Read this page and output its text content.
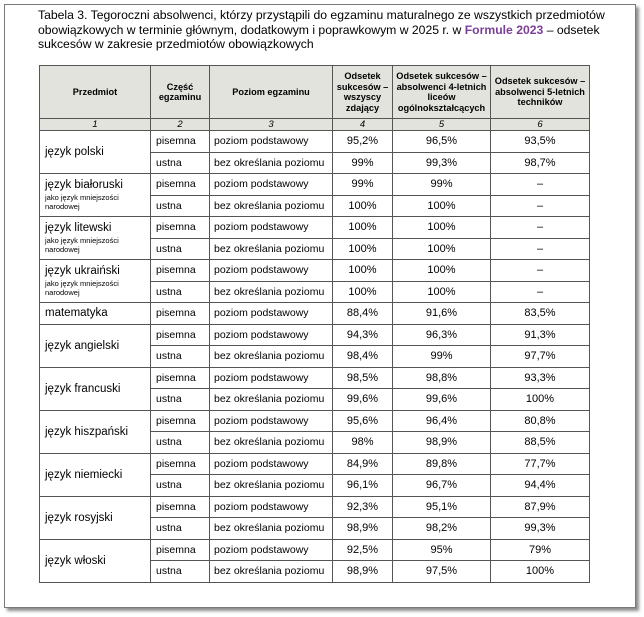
Tabela 3. Tegoroczni absolwenci, którzy przystąpili do egzaminu maturalnego ze wszystkich przedmiotów obowiązkowych w terminie głównym, dodatkowym i poprawkowym w 2025 r. w Formule 2023 – odsetek sukcesów w zakresie przedmiotów obowiązkowych
Przedmiot	Część egzaminu	Poziom egzaminu	Odsetek sukcesów – wszyscy zdający	Odsetek sukcesów – absolwenci 4-letnich liceów ogólnokształcących	Odsetek sukcesów – absolwenci 5-letnich techników
1	2	3	4	5	6

język polski	pisemna	poziom podstawowy	95,2%	96,5%	93,5%
	ustna	bez określania poziomu	99%	99,3%	98,7%

język białoruski
jako język mniejszości narodowej	pisemna	poziom podstawowy	99%	99%	–
	ustna	bez określania poziomu	100%	100%	–

język litewski
jako język mniejszości narodowej	pisemna	poziom podstawowy	100%	100%	–
	ustna	bez określania poziomu	100%	100%	–

język ukraiński
jako język mniejszości narodowej	pisemna	poziom podstawowy	100%	100%	–
	ustna	bez określania poziomu	100%	100%	–

matematyka	pisemna	poziom podstawowy	88,4%	91,6%	83,5%

język angielski	pisemna	poziom podstawowy	94,3%	96,3%	91,3%
	ustna	bez określania poziomu	98,4%	99%	97,7%

język francuski	pisemna	poziom podstawowy	98,5%	98,8%	93,3%
	ustna	bez określania poziomu	99,6%	99,6%	100%

język hiszpański	pisemna	poziom podstawowy	95,6%	96,4%	80,8%
	ustna	bez określania poziomu	98%	98,9%	88,5%

język niemiecki	pisemna	poziom podstawowy	84,9%	89,8%	77,7%
	ustna	bez określania poziomu	96,1%	96,7%	94,4%

język rosyjski	pisemna	poziom podstawowy	92,3%	95,1%	87,9%
	ustna	bez określania poziomu	98,9%	98,2%	99,3%

język włoski	pisemna	poziom podstawowy	92,5%	95%	79%
	ustna	bez określania poziomu	98,9%	97,5%	100%
